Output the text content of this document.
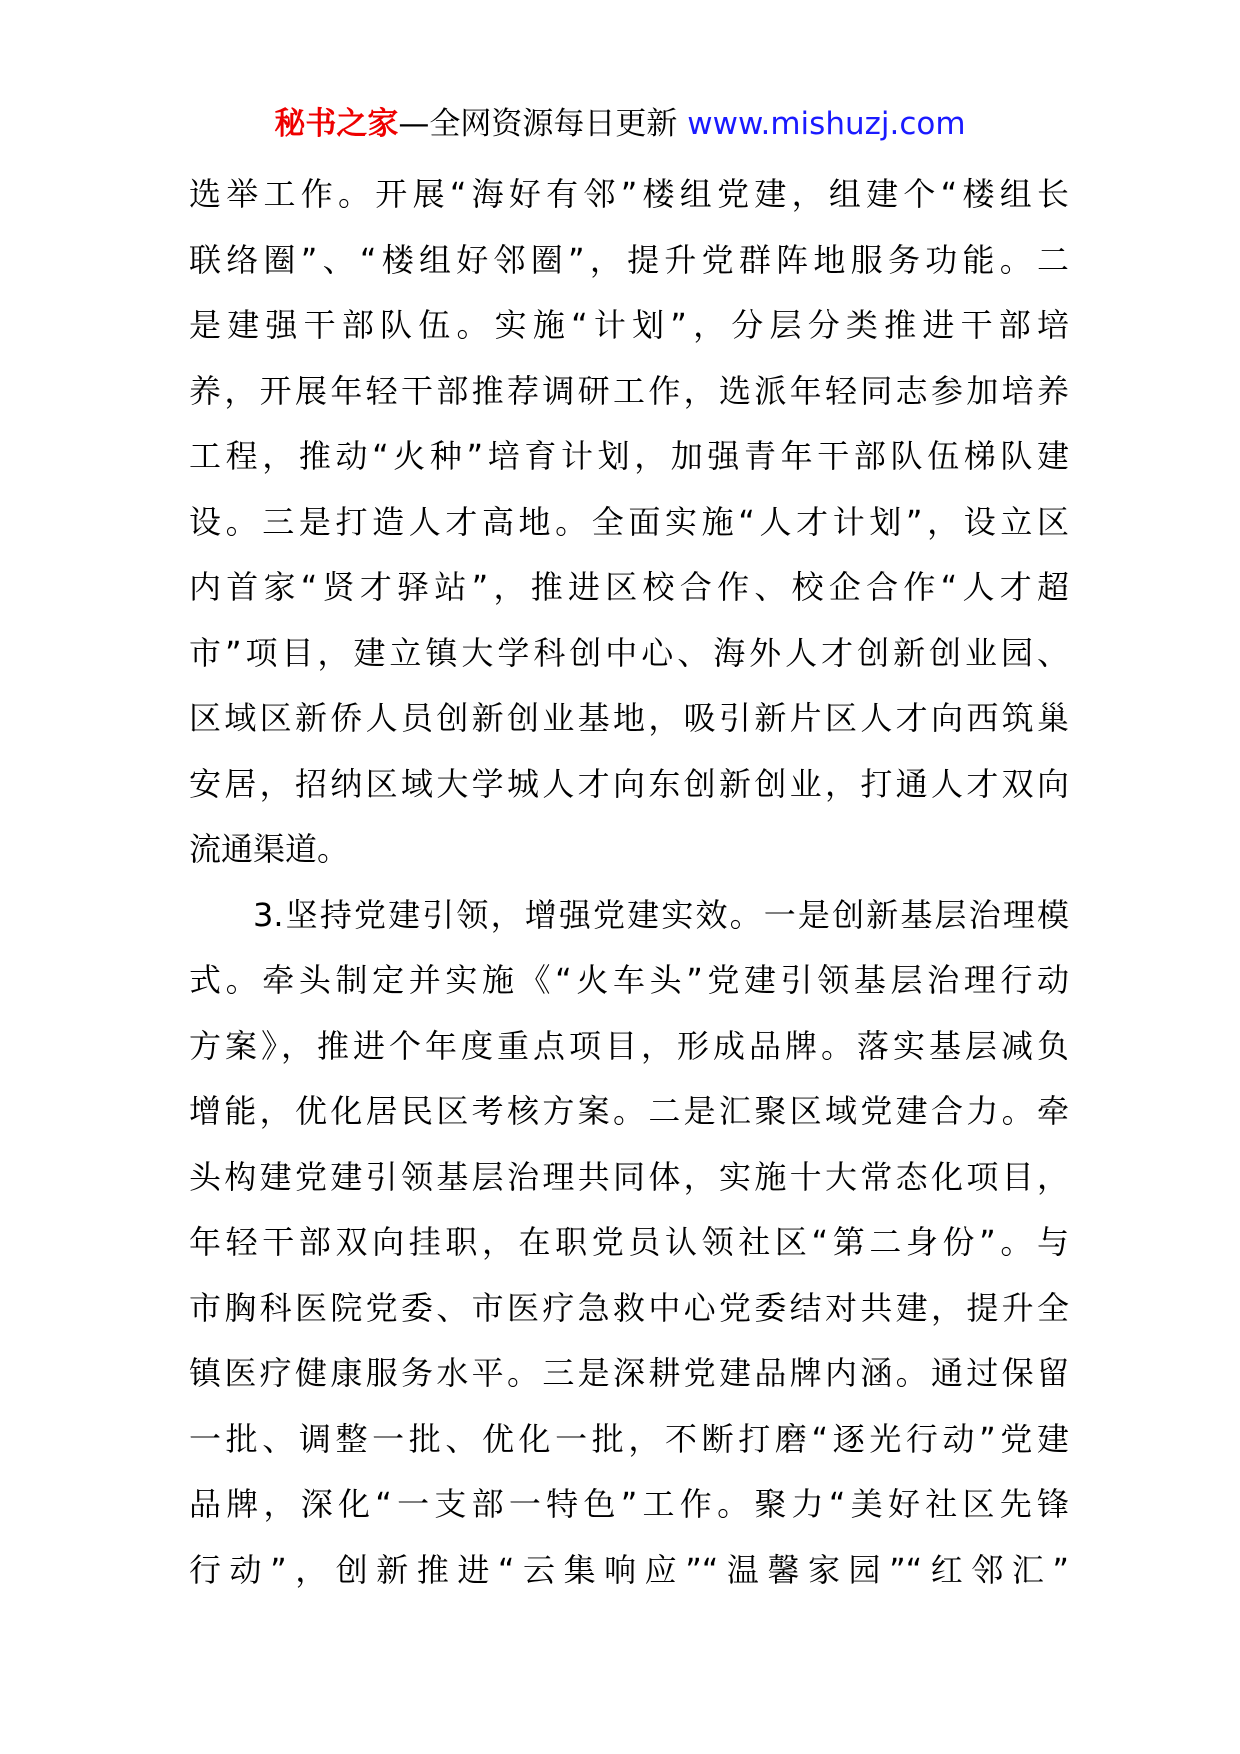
秘书之家—全网资源每日更新 www.mishuzj.com
选举工作。开展“海好有邻”楼组党建，组建个“楼组长
联络圈”、“楼组好邻圈”，提升党群阵地服务功能。二
是建强干部队伍。实施“计划”，分层分类推进干部培
养，开展年轻干部推荐调研工作，选派年轻同志参加培养
工程，推动“火种”培育计划，加强青年干部队伍梯队建
设。三是打造人才高地。全面实施“人才计划”，设立区
内首家“贤才驿站”，推进区校合作、校企合作“人才超
市”项目，建立镇大学科创中心、海外人才创新创业园、
区域区新侨人员创新创业基地，吸引新片区人才向西筑巢
安居，招纳区域大学城人才向东创新创业，打通人才双向
流通渠道。
3.坚持党建引领，增强党建实效。一是创新基层治理模
式。牵头制定并实施《“火车头”党建引领基层治理行动
方案》，推进个年度重点项目，形成品牌。落实基层减负
增能，优化居民区考核方案。二是汇聚区域党建合力。牵
头构建党建引领基层治理共同体，实施十大常态化项目，
年轻干部双向挂职，在职党员认领社区“第二身份”。与
市胸科医院党委、市医疗急救中心党委结对共建，提升全
镇医疗健康服务水平。三是深耕党建品牌内涵。通过保留
一批、调整一批、优化一批，不断打磨“逐光行动”党建
品牌，深化“一支部一特色”工作。聚力“美好社区先锋
行动”，创新推进“云集响应”“温馨家园”“红邻汇”
